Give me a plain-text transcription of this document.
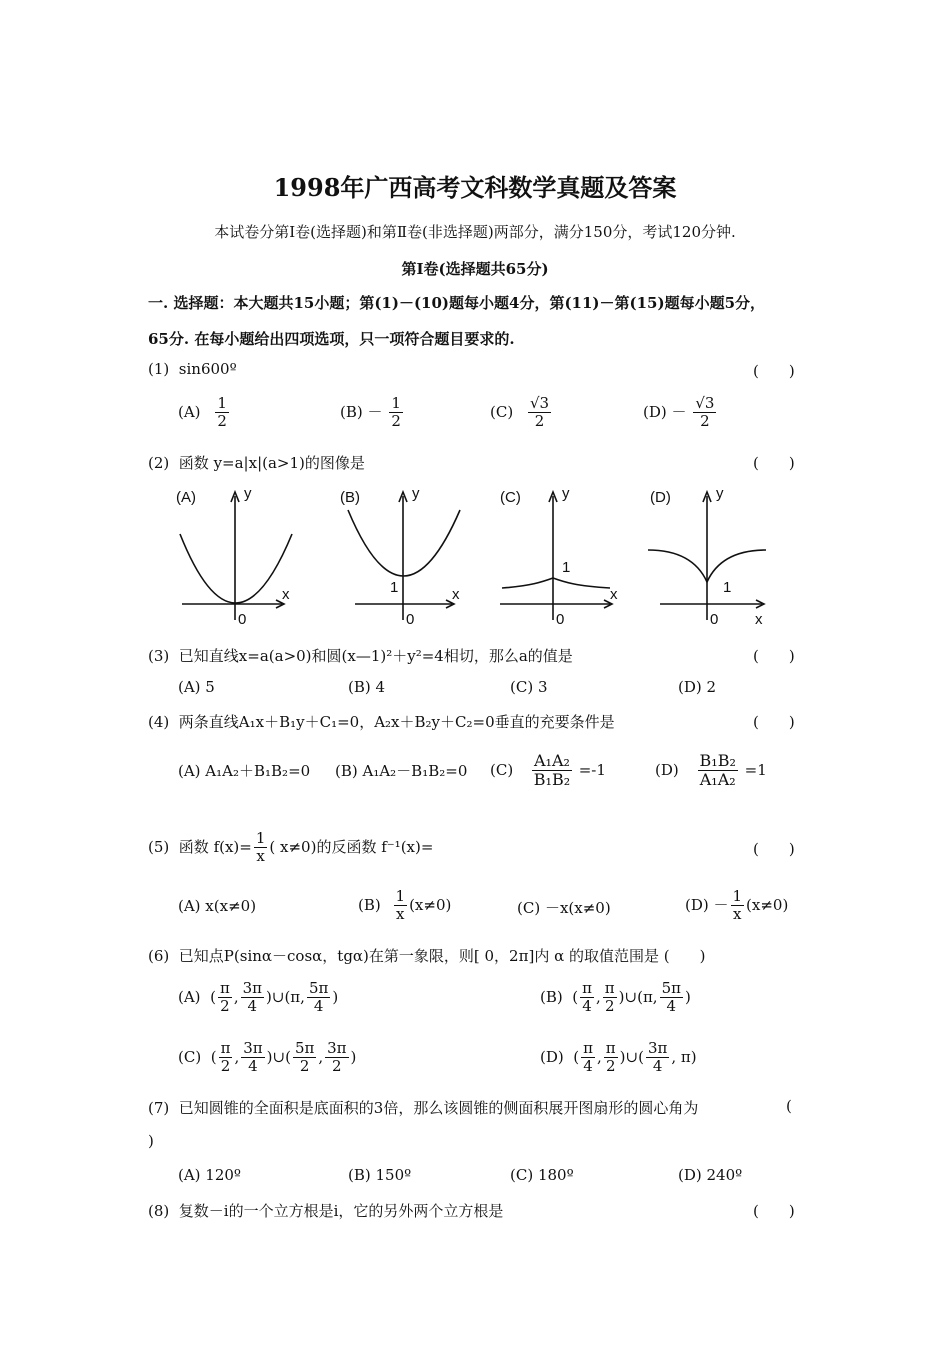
1998年广西高考文科数学真题及答案
本试卷分第Ⅰ卷(选择题)和第Ⅱ卷(非选择题)两部分，满分150分，考试120分钟.
第Ⅰ卷(选择题共65分)
一. 选择题：本大题共15小题；第(1)－(10)题每小题4分，第(11)－第(15)题每小题5分，
65分. 在每小题给出四项选项，只一项符合题目要求的.
(1) sin600º	(　　)
$(A) \frac{1}{2}$	$(B) - \frac{1}{2}$	$(C) \frac{√3}{2}$	$(D) - \frac{√3}{2}$
(2) 函数 y=a|x|(a>1)的图像是	(　　)
(A)	y
x
0
(B)	y
x
0
1
(C)	y
x
0
1
(D)	y
x
0
1
(3) 已知直线x=a(a>0)和圆(x—1)²＋y²=4相切，那么a的值是	(　　)
(A) 5	(B) 4	(C) 3	(D) 2
(4) 两条直线A₁x＋B₁y＋C₁=0，A₂x＋B₂y＋C₂=0垂直的充要条件是	(　　)
(A) A₁A₂＋B₁B₂=0 (B) A₁A₂－B₁B₂=0 $(C) \frac{\text{A₁A₂}}{\text{B₁B₂}} =-1$	$(D) \frac{\text{B₁B₂}}{\text{A₁A₂}} =1$
(5) 函数 $f(x)= \frac{1}{x}$ ( x≠0)的反函数 f⁻¹(x)=	(　　)
(A) x(x≠0)	$(B) \frac{1}{x} (x\ne 0)$	(C) －x(x≠0)	$(D) - \frac{1}{x} (x\ne 0)$
(6) 已知点P(sinα－cosα，tgα)在第一象限，则[ 0，2π]内 α 的取值范围是 (　　)
(A) ( $\frac{\pi}{2}$ , $\frac{3\pi}{4}$ )∪(π, $\frac{5\pi}{4}$ )	(B) ( $\frac{\pi}{4}$ , $\frac{\pi}{2}$ )∪(π, $\frac{5\pi}{4}$ )
(C) ( $\frac{\pi}{2}$ , $\frac{3\pi}{4}$ )∪( $\frac{5\pi}{2}$ , $\frac{3\pi}{2}$ )	(D) ( $\frac{\pi}{4}$ , $\frac{\pi}{2}$ )∪( $\frac{3\pi}{4}$ , π)
(7) 已知圆锥的全面积是底面积的3倍，那么该圆锥的侧面积展开图扇形的圆心角为	(
)
(A) 120º	(B) 150º	(C) 180º	(D) 240º
(8) 复数－i的一个立方根是i，它的另外两个立方根是	(　　)
